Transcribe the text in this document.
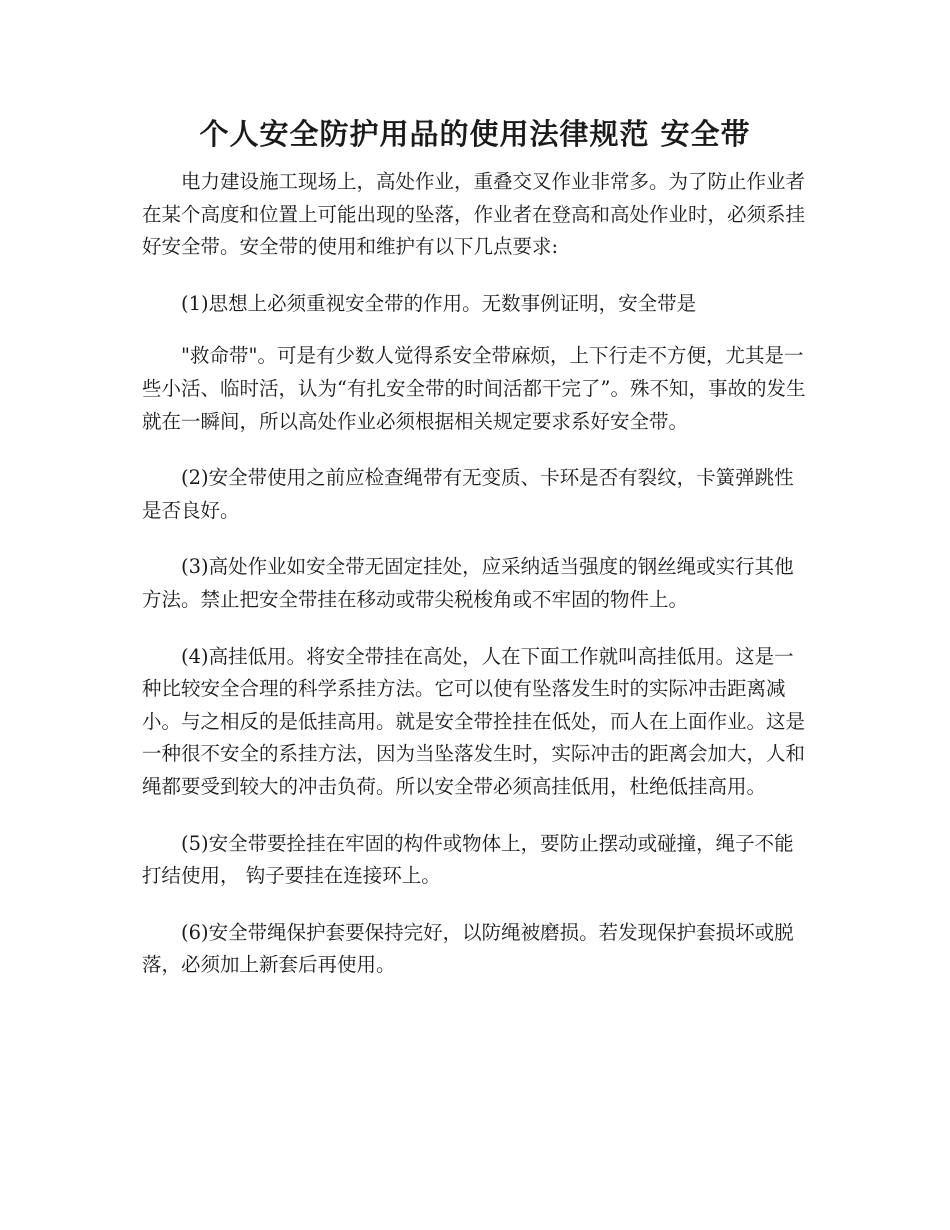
个人安全防护用品的使用法律规范 安全带

电力建设施工现场上，高处作业，重叠交叉作业非常多。为了防止作业者在某个高度和位置上可能出现的坠落，作业者在登高和高处作业时，必须系挂好安全带。安全带的使用和维护有以下几点要求:

(1)思想上必须重视安全带的作用。无数事例证明，安全带是

"救命带"。可是有少数人觉得系安全带麻烦，上下行走不方便，尤其是一些小活、临时活，认为“有扎安全带的时间活都干完了”。殊不知，事故的发生就在一瞬间，所以高处作业必须根据相关规定要求系好安全带。

(2)安全带使用之前应检查绳带有无变质、卡环是否有裂纹，卡簧弹跳性是否良好。

(3)高处作业如安全带无固定挂处，应采纳适当强度的钢丝绳或实行其他方法。禁止把安全带挂在移动或带尖税梭角或不牢固的物件上。

(4)高挂低用。将安全带挂在高处，人在下面工作就叫高挂低用。这是一种比较安全合理的科学系挂方法。它可以使有坠落发生时的实际冲击距离减小。与之相反的是低挂高用。就是安全带拴挂在低处，而人在上面作业。这是一种很不安全的系挂方法，因为当坠落发生时，实际冲击的距离会加大，人和绳都要受到较大的冲击负荷。所以安全带必须高挂低用，杜绝低挂高用。

(5)安全带要拴挂在牢固的构件或物体上，要防止摆动或碰撞，绳子不能打结使用， 钩子要挂在连接环上。

(6)安全带绳保护套要保持完好，以防绳被磨损。若发现保护套损坏或脱落，必须加上新套后再使用。
